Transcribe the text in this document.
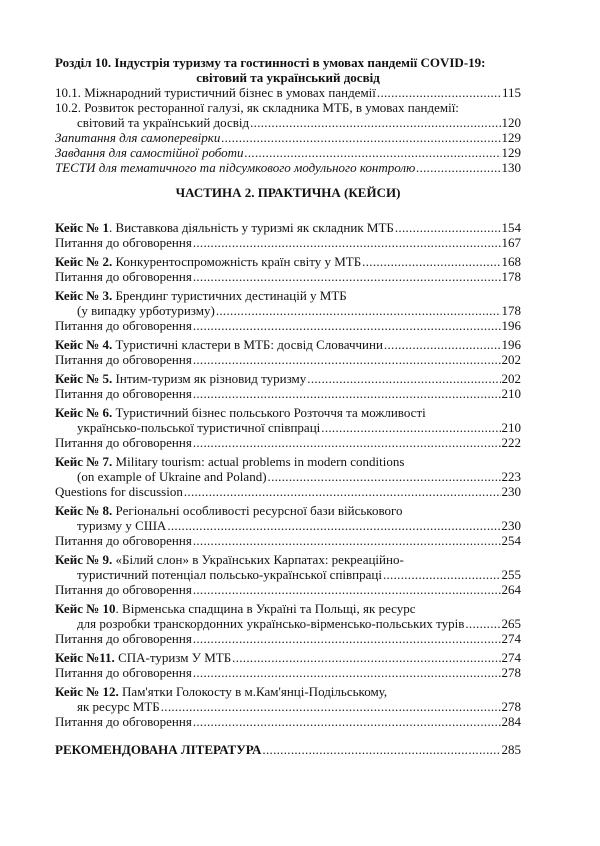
Розділ 10. Індустрія туризму та гостинності в умовах пандемії COVID-19:
світовий та український досвід
10.1. Міжнародний туристичний бізнес в умовах пандемії .....	115
10.2. Розвиток ресторанної галузі, як складника МТБ, в умовах пандемії:
світовий та український досвід .....	120
Запитання для самоперевірки .....	129
Завдання для самостійної роботи .....	129
ТЕСТИ для тематичного та підсумкового модульного контролю .....	130
ЧАСТИНА 2. ПРАКТИЧНА (КЕЙСИ)
Кейс № 1. Виставкова діяльність у туризмі як складник МТБ .....	154
Питання до обговорення .....	167
Кейс № 2. Конкурентоспроможність країн світу у МТБ .....	168
Питання до обговорення .....	178
Кейс № 3. Брендинг туристичних дестинацій у МТБ
(у випадку урботуризму) .....	178
Питання до обговорення .....	196
Кейс № 4. Туристичні кластери в МТБ: досвід Словаччини .....	196
Питання до обговорення .....	202
Кейс № 5. Інтим-туризм як різновид туризму .....	202
Питання до обговорення .....	210
Кейс № 6. Туристичний бізнес польського Розточчя та можливості
українсько-польської туристичної співпраці .....	210
Питання до обговорення .....	222
Кейс № 7. Military tourism: actual problems in modern conditions
(on example of Ukraine and Poland) .....	223
Questions for discussion .....	230
Кейс № 8. Регіональні особливості ресурсної бази військового
туризму у США .....	230
Питання до обговорення .....	254
Кейс № 9. «Білий слон» в Українських Карпатах: рекреаційно-
туристичний потенціал польсько-української співпраці .....	255
Питання до обговорення .....	264
Кейс № 10. Вірменська спадщина в Україні та Польщі, як ресурс
для розробки транскордонних українсько-вірменсько-польських турів .....	265
Питання до обговорення .....	274
Кейс №11. СПА-туризм У МТБ .....	274
Питання до обговорення .....	278
Кейс № 12. Пам'ятки Голокосту в м.Кам'янці-Подільському,
як ресурс МТБ .....	278
Питання до обговорення .....	284
РЕКОМЕНДОВАНА ЛІТЕРАТУРА .....	285
